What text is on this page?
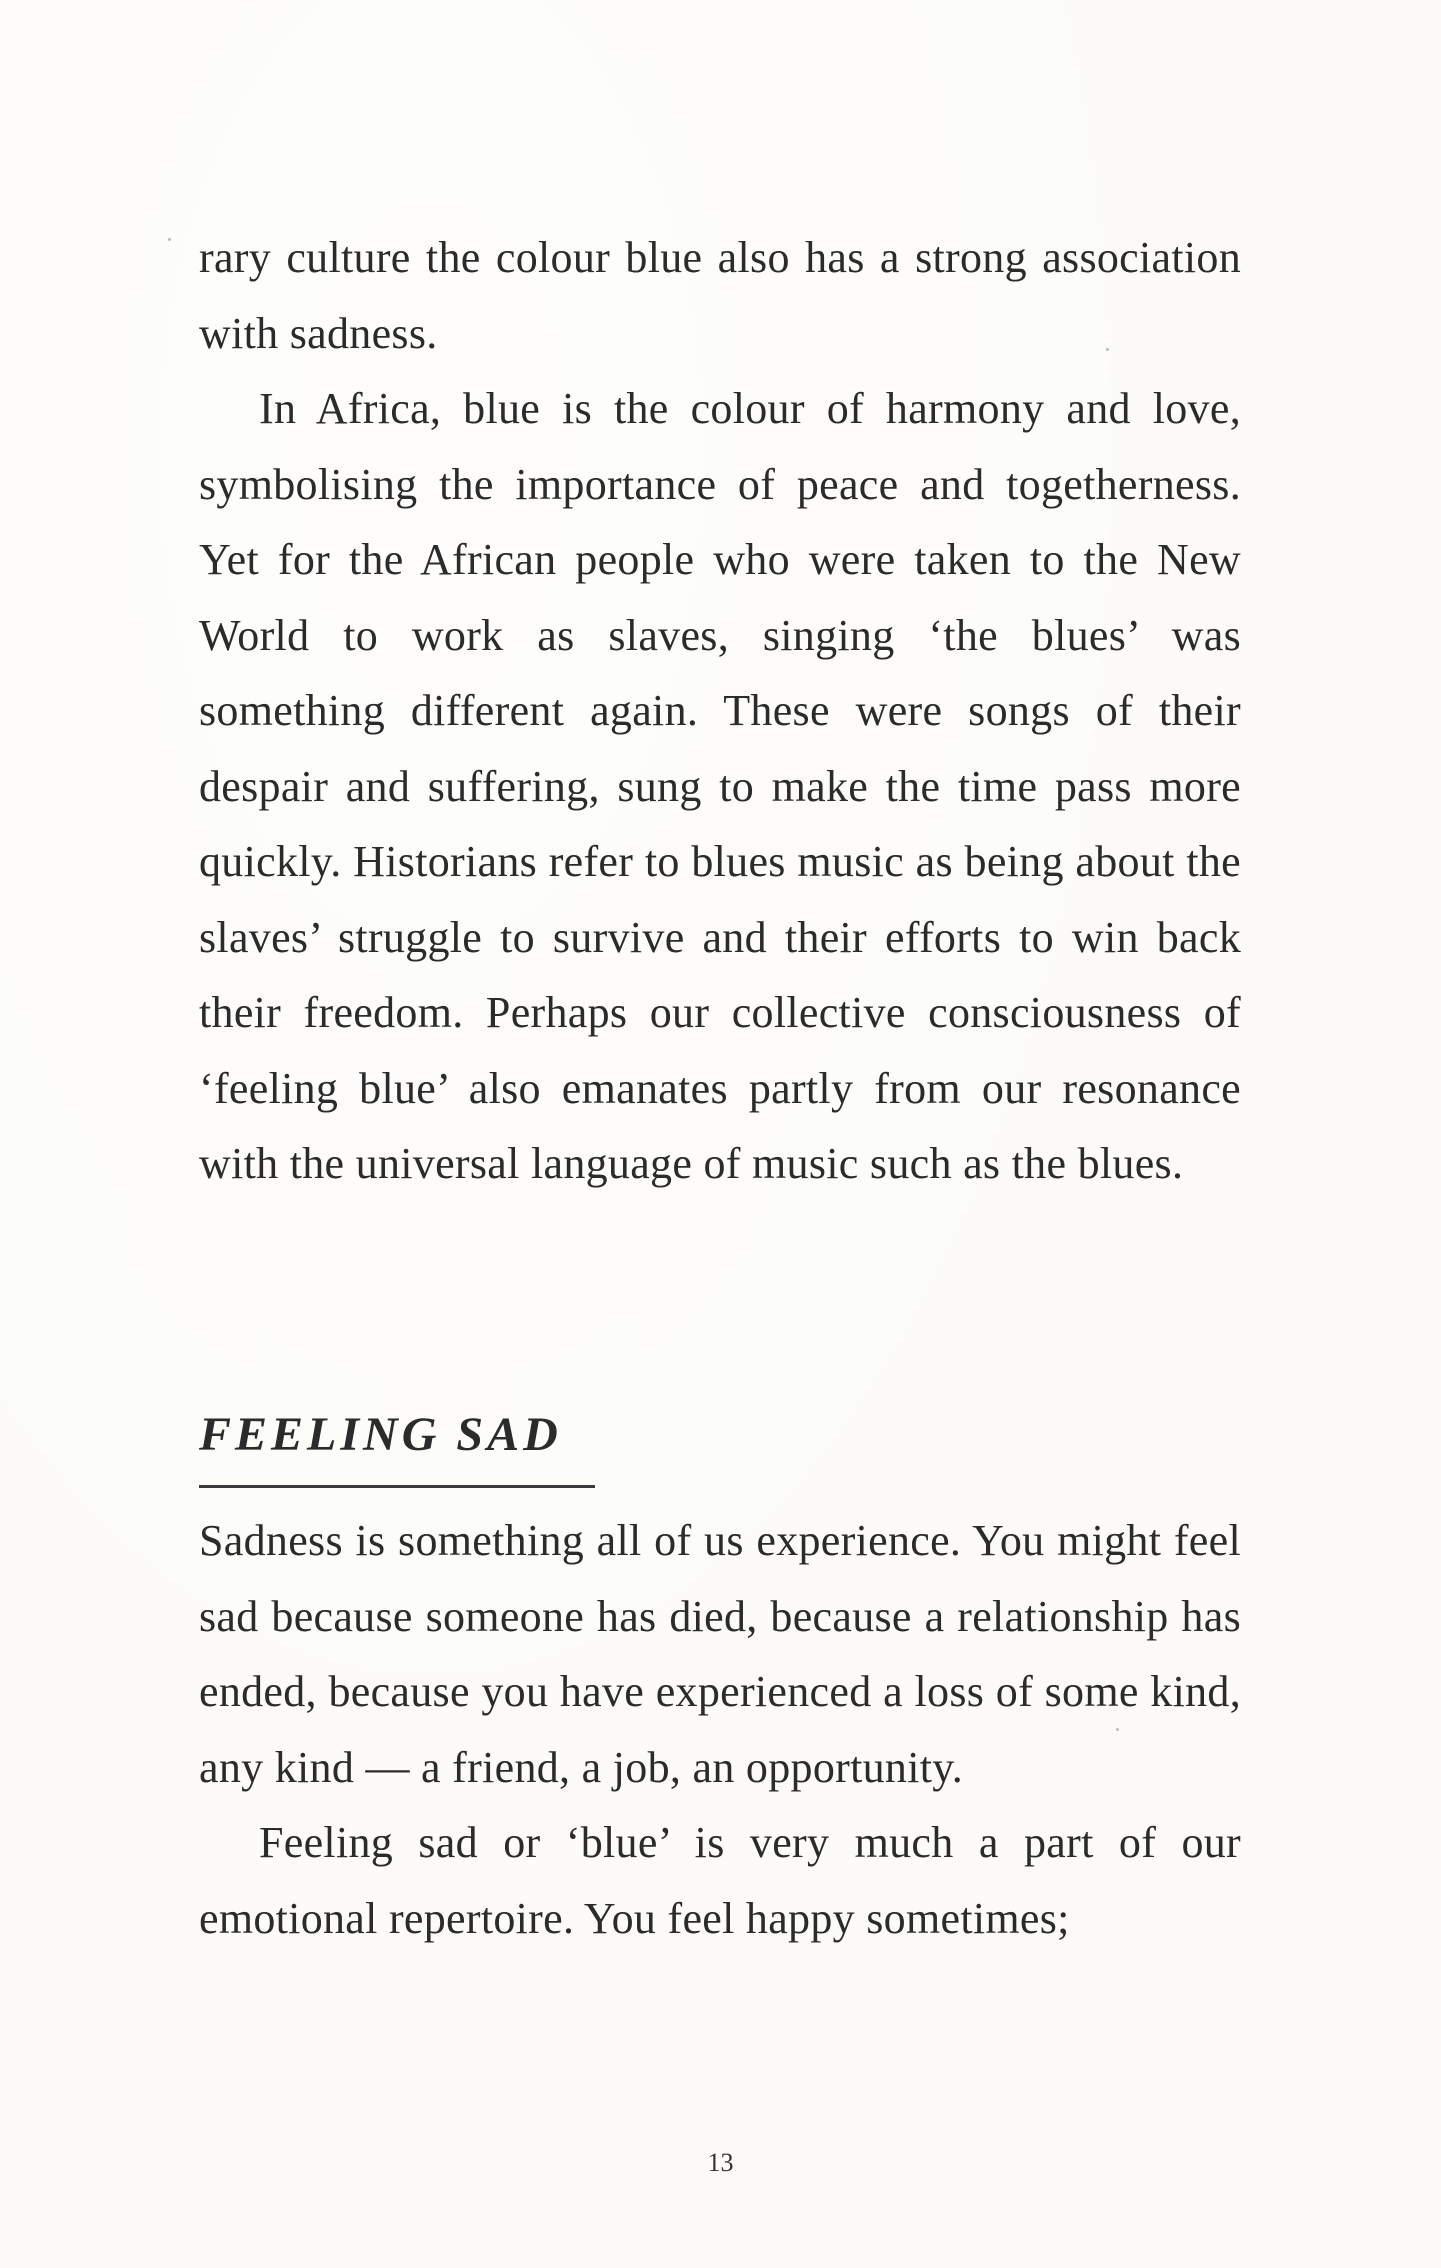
rary culture the colour blue also has a strong association with sadness.

In Africa, blue is the colour of harmony and love, symbolising the importance of peace and togetherness. Yet for the African people who were taken to the New World to work as slaves, singing ‘the blues’ was something different again. These were songs of their despair and suffering, sung to make the time pass more quickly. Historians refer to blues music as being about the slaves’ struggle to survive and their efforts to win back their freedom. Perhaps our collective consciousness of ‘feeling blue’ also emanates partly from our resonance with the universal language of music such as the blues.

FEELING SAD

Sadness is something all of us experience. You might feel sad because someone has died, because a relationship has ended, because you have experienced a loss of some kind, any kind — a friend, a job, an opportunity.

Feeling sad or ‘blue’ is very much a part of our emotional repertoire. You feel happy sometimes;

13
